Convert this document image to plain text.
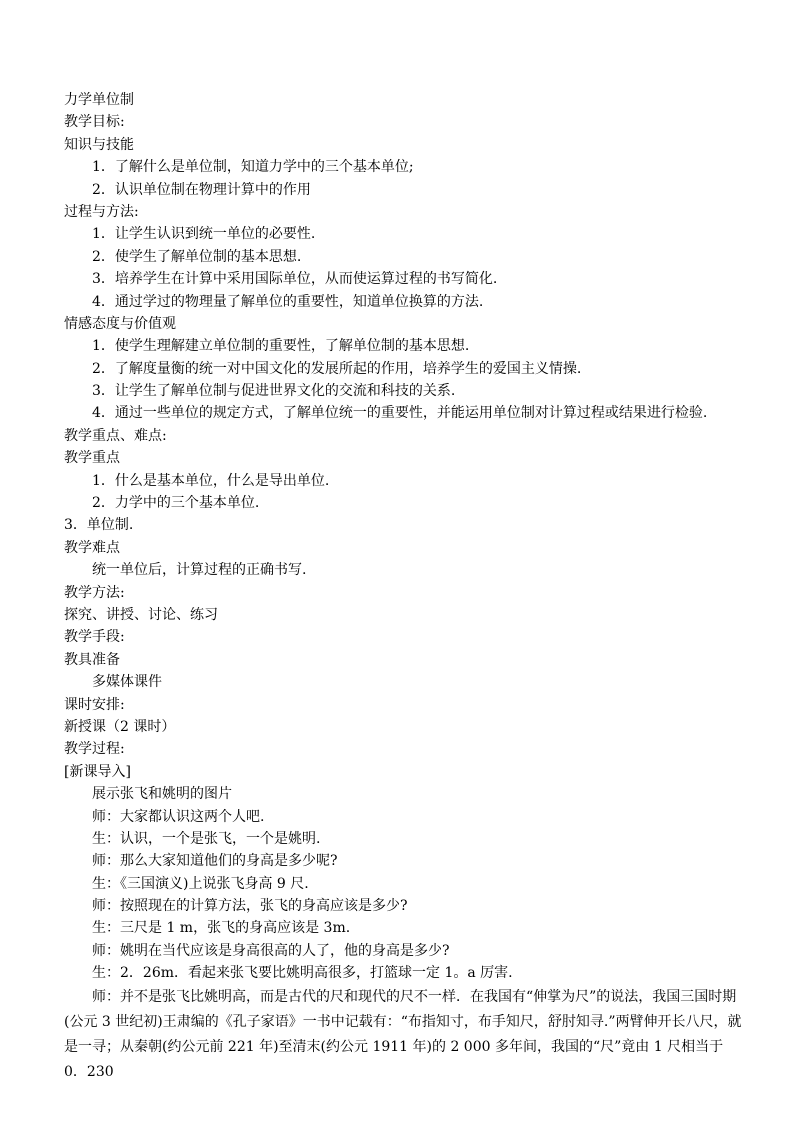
力学单位制
教学目标:
知识与技能
1．了解什么是单位制，知道力学中的三个基本单位;
2．认识单位制在物理计算中的作用
过程与方法:
1．让学生认识到统一单位的必要性.
2．使学生了解单位制的基本思想.
3．培养学生在计算中采用国际单位，从而使运算过程的书写简化.
4．通过学过的物理量了解单位的重要性，知道单位换算的方法.
情感态度与价值观
1．使学生理解建立单位制的重要性，了解单位制的基本思想.
2．了解度量衡的统一对中国文化的发展所起的作用，培养学生的爱国主义情操.
3．让学生了解单位制与促进世界文化的交流和科技的关系.
4．通过一些单位的规定方式，了解单位统一的重要性，并能运用单位制对计算过程或结果进行检验.
教学重点、难点:
教学重点
1．什么是基本单位，什么是导出单位.
2．力学中的三个基本单位.
3．单位制.
教学难点
统一单位后，计算过程的正确书写.
教学方法:
探究、讲授、讨论、练习
教学手段:
教具准备
多媒体课件
课时安排:
新授课（2 课时）
教学过程:
[新课导入]
展示张飞和姚明的图片
师：大家都认识这两个人吧.
生：认识，一个是张飞，一个是姚明.
师：那么大家知道他们的身高是多少呢?
生：《三国演义)上说张飞身高 9 尺.
师：按照现在的计算方法，张飞的身高应该是多少?
生：三尺是 1 m，张飞的身高应该是 3m.
师：姚明在当代应该是身高很高的人了，他的身高是多少?
生：2．26m．看起来张飞要比姚明高很多，打篮球一定 1。a 厉害.
师：并不是张飞比姚明高，而是古代的尺和现代的尺不一样．在我国有“伸掌为尺”的说法，我国三国时期(公元 3 世纪初)王肃编的《孔子家语》一书中记载有：“布指知寸，布手知尺，舒肘知寻.”两臂伸开长八尺，就是一寻；从秦朝(约公元前 221 年)至清末(约公元 1911 年)的 2 000 多年间，我国的“尺”竟由 1 尺相当于 0．230
